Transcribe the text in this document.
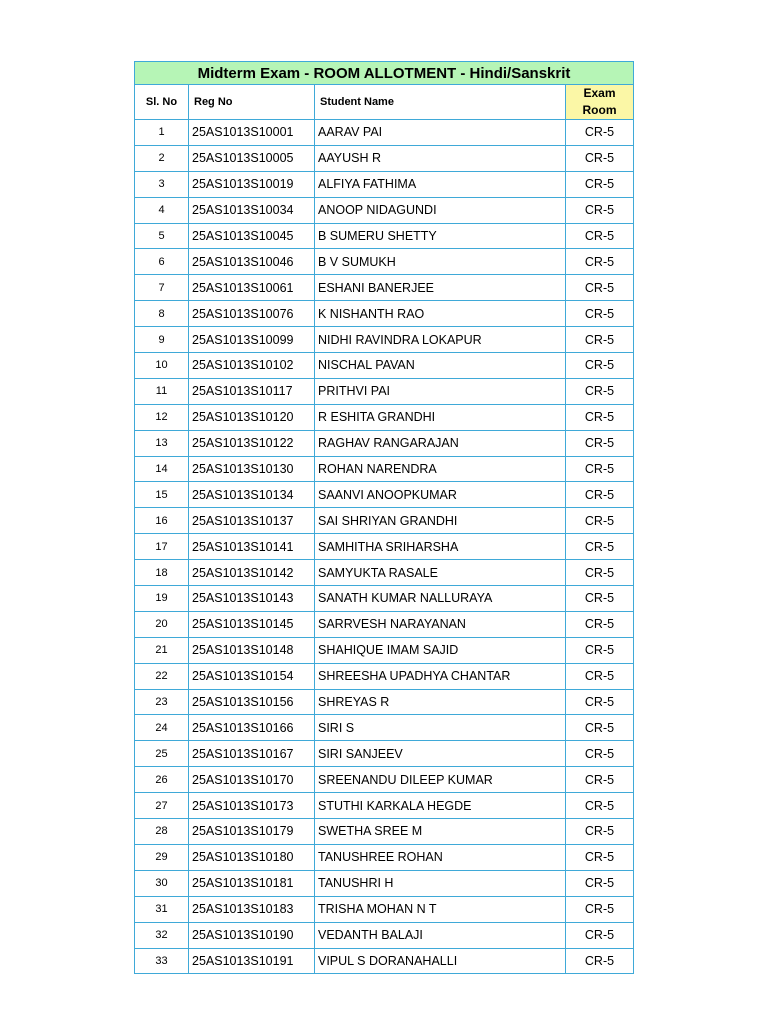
Midterm Exam - ROOM ALLOTMENT - Hindi/Sanskrit			
Sl. No	Reg No	Student Name	Exam Room
1	25AS1013S10001	AARAV PAI	CR-5
2	25AS1013S10005	AAYUSH R	CR-5
3	25AS1013S10019	ALFIYA FATHIMA	CR-5
4	25AS1013S10034	ANOOP NIDAGUNDI	CR-5
5	25AS1013S10045	B SUMERU SHETTY	CR-5
6	25AS1013S10046	B V SUMUKH	CR-5
7	25AS1013S10061	ESHANI BANERJEE	CR-5
8	25AS1013S10076	K NISHANTH RAO	CR-5
9	25AS1013S10099	NIDHI RAVINDRA LOKAPUR	CR-5
10	25AS1013S10102	NISCHAL PAVAN	CR-5
11	25AS1013S10117	PRITHVI PAI	CR-5
12	25AS1013S10120	R ESHITA GRANDHI	CR-5
13	25AS1013S10122	RAGHAV RANGARAJAN	CR-5
14	25AS1013S10130	ROHAN NARENDRA	CR-5
15	25AS1013S10134	SAANVI ANOOPKUMAR	CR-5
16	25AS1013S10137	SAI SHRIYAN GRANDHI	CR-5
17	25AS1013S10141	SAMHITHA SRIHARSHA	CR-5
18	25AS1013S10142	SAMYUKTA RASALE	CR-5
19	25AS1013S10143	SANATH KUMAR NALLURAYA	CR-5
20	25AS1013S10145	SARRVESH NARAYANAN	CR-5
21	25AS1013S10148	SHAHIQUE IMAM SAJID	CR-5
22	25AS1013S10154	SHREESHA UPADHYA CHANTAR	CR-5
23	25AS1013S10156	SHREYAS R	CR-5
24	25AS1013S10166	SIRI S	CR-5
25	25AS1013S10167	SIRI SANJEEV	CR-5
26	25AS1013S10170	SREENANDU DILEEP KUMAR	CR-5
27	25AS1013S10173	STUTHI KARKALA HEGDE	CR-5
28	25AS1013S10179	SWETHA SREE M	CR-5
29	25AS1013S10180	TANUSHREE ROHAN	CR-5
30	25AS1013S10181	TANUSHRI H	CR-5
31	25AS1013S10183	TRISHA MOHAN N T	CR-5
32	25AS1013S10190	VEDANTH BALAJI	CR-5
33	25AS1013S10191	VIPUL S DORANAHALLI	CR-5
